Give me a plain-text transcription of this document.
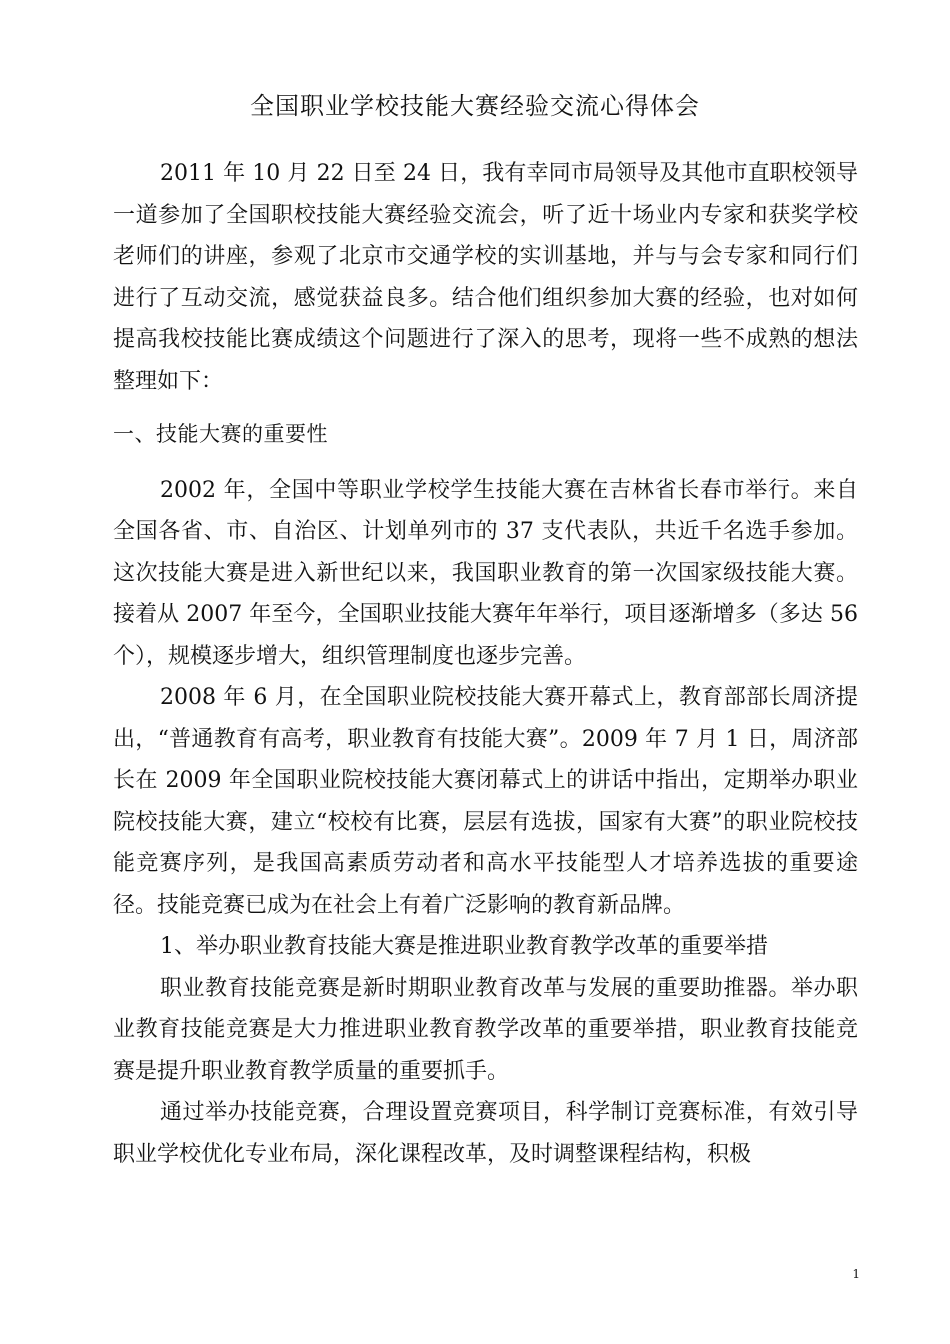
全国职业学校技能大赛经验交流心得体会

2011 年 10 月 22 日至 24 日，我有幸同市局领导及其他市直职校领导一道参加了全国职校技能大赛经验交流会，听了近十场业内专家和获奖学校老师们的讲座，参观了北京市交通学校的实训基地，并与与会专家和同行们进行了互动交流，感觉获益良多。结合他们组织参加大赛的经验，也对如何提高我校技能比赛成绩这个问题进行了深入的思考，现将一些不成熟的想法整理如下：

一、技能大赛的重要性

2002 年，全国中等职业学校学生技能大赛在吉林省长春市举行。来自全国各省、市、自治区、计划单列市的 37 支代表队，共近千名选手参加。这次技能大赛是进入新世纪以来，我国职业教育的第一次国家级技能大赛。接着从 2007 年至今，全国职业技能大赛年年举行，项目逐渐增多（多达 56 个），规模逐步增大，组织管理制度也逐步完善。

2008 年 6 月，在全国职业院校技能大赛开幕式上，教育部部长周济提出，“普通教育有高考，职业教育有技能大赛”。2009 年 7 月 1 日，周济部长在 2009 年全国职业院校技能大赛闭幕式上的讲话中指出，定期举办职业院校技能大赛，建立“校校有比赛，层层有选拔，国家有大赛”的职业院校技能竞赛序列，是我国高素质劳动者和高水平技能型人才培养选拔的重要途径。技能竞赛已成为在社会上有着广泛影响的教育新品牌。

1、举办职业教育技能大赛是推进职业教育教学改革的重要举措

职业教育技能竞赛是新时期职业教育改革与发展的重要助推器。举办职业教育技能竞赛是大力推进职业教育教学改革的重要举措，职业教育技能竞赛是提升职业教育教学质量的重要抓手。

通过举办技能竞赛，合理设置竞赛项目，科学制订竞赛标准，有效引导职业学校优化专业布局，深化课程改革，及时调整课程结构，积极

1
